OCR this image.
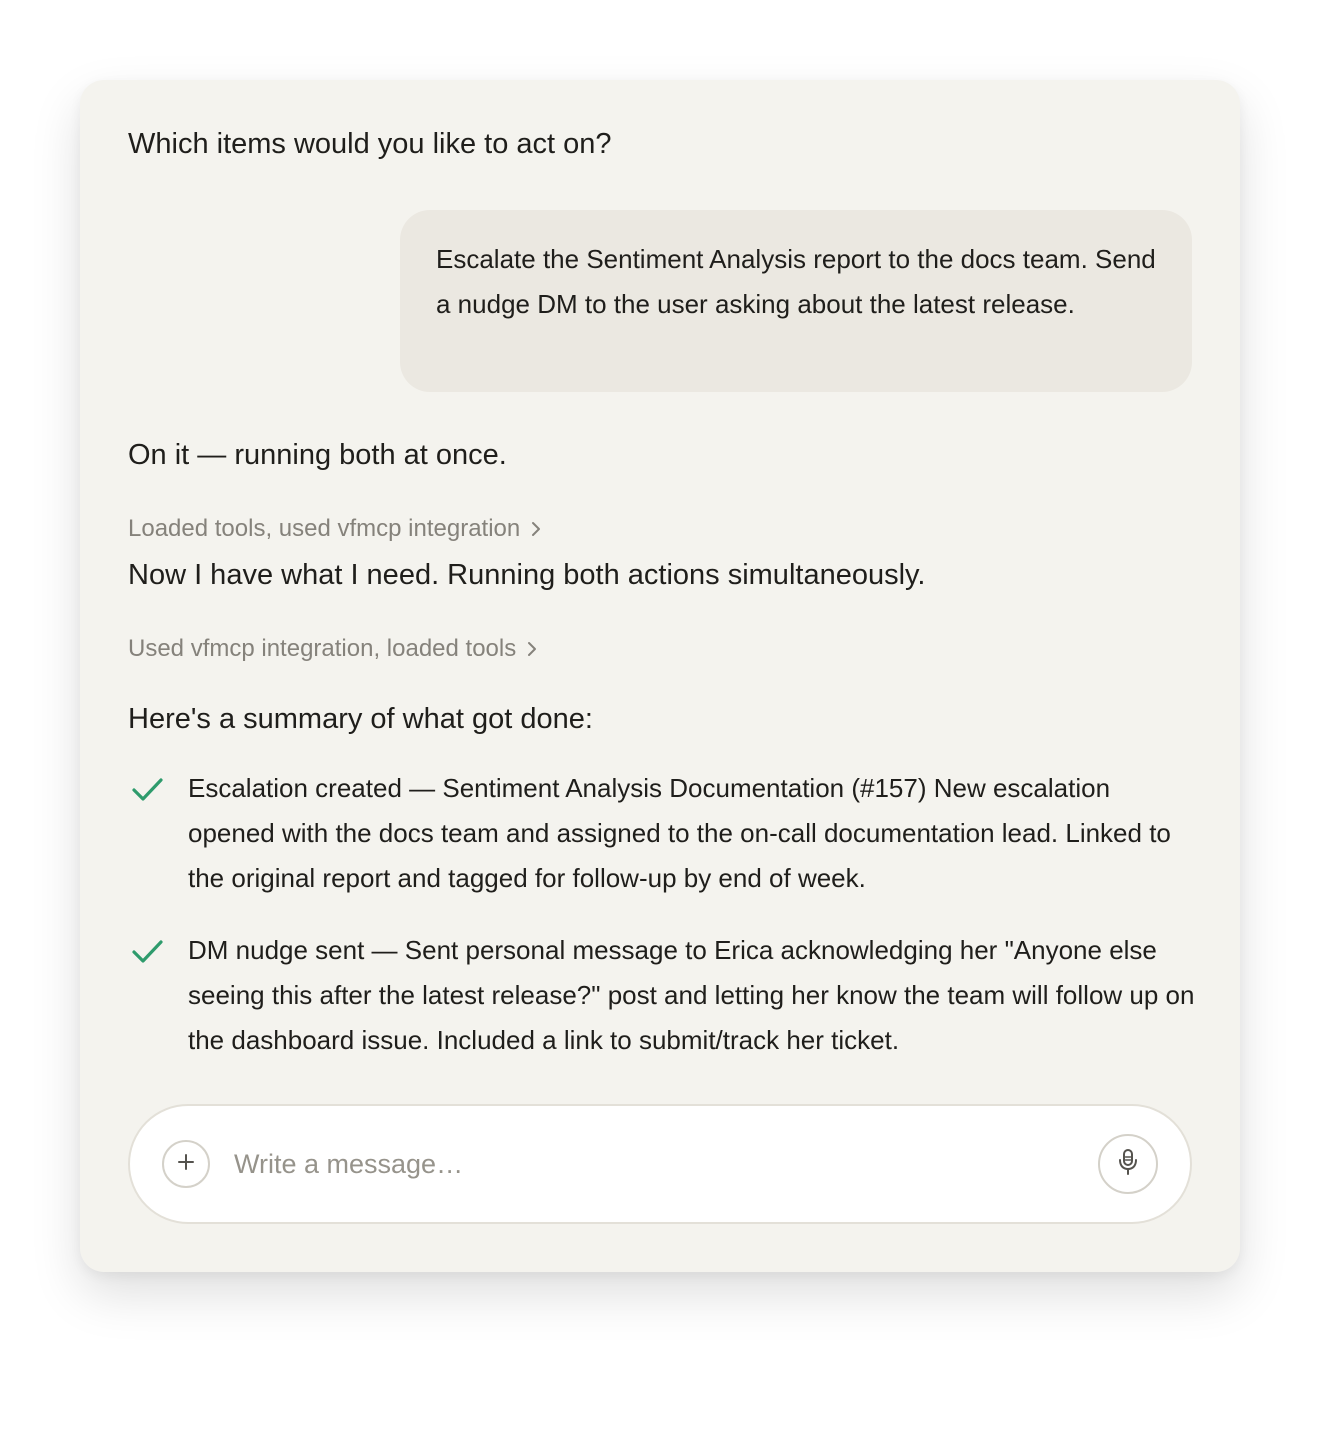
Which items would you like to act on?

Escalate the Sentiment Analysis report to the docs team. Send a nudge DM to the user asking about the latest release.

On it — running both at once.

Loaded tools, used vfmcp integration

Now I have what I need. Running both actions simultaneously.

Used vfmcp integration, loaded tools

Here's a summary of what got done:

Escalation created — Sentiment Analysis Documentation (#157) New escalation opened with the docs team and assigned to the on-call documentation lead. Linked to the original report and tagged for follow-up by end of week.
DM nudge sent — Sent personal message to Erica acknowledging her "Anyone else seeing this after the latest release?" post and letting her know the team will follow up on the dashboard issue. Included a link to submit/track her ticket.
Write a message…
